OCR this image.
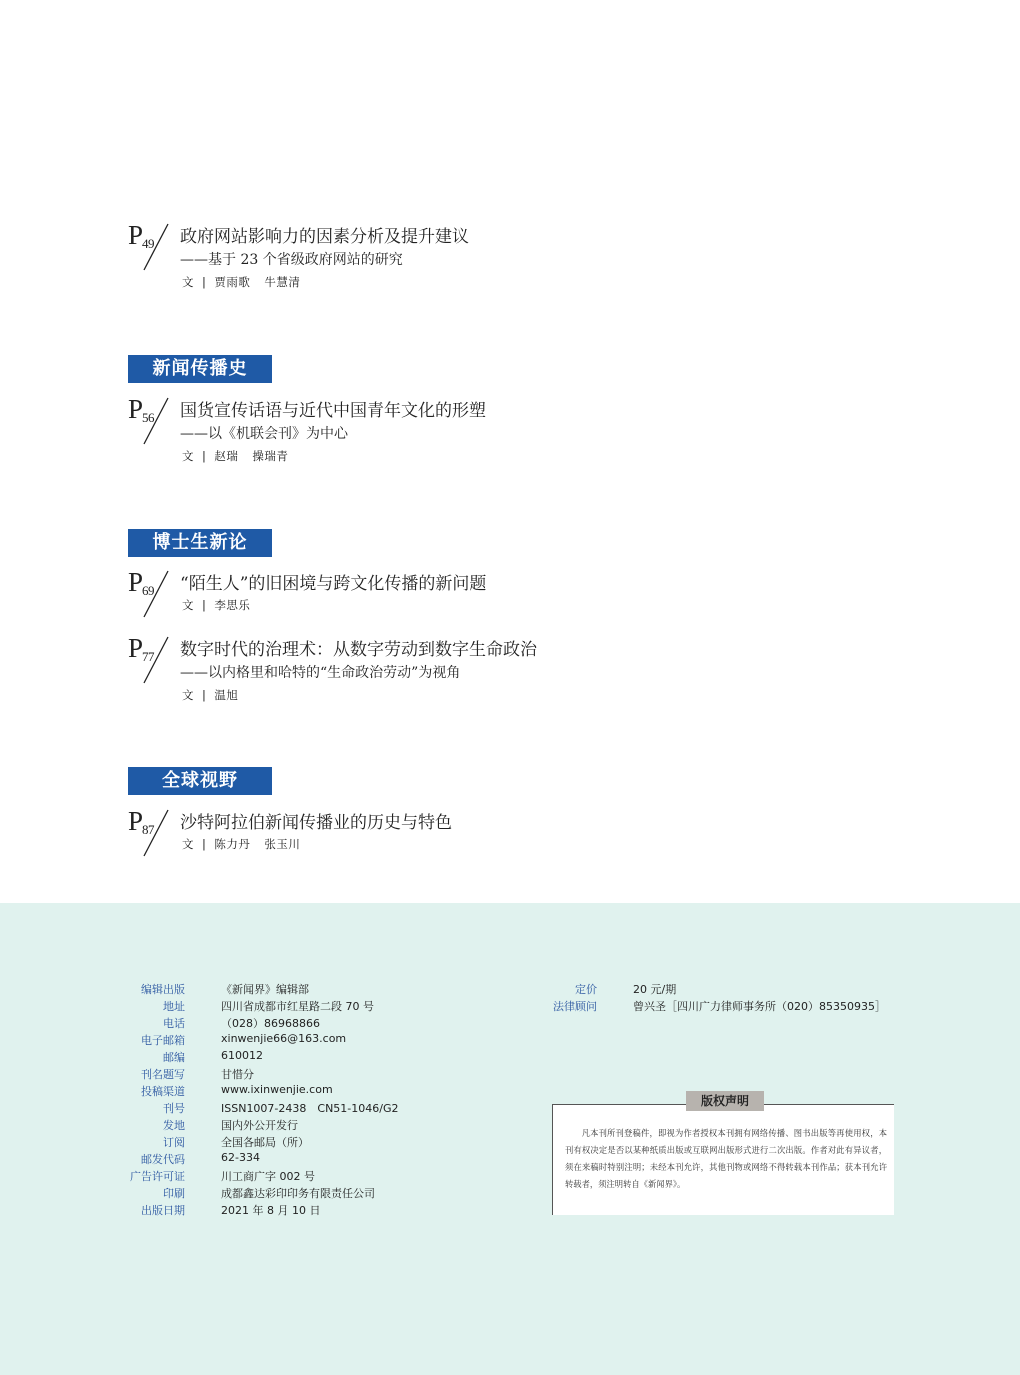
P
49 政府网站影响力的因素分析及提升建议
——基于 23 个省级政府网站的研究
文 | 贾雨歌 牛慧清
新闻传播史
P
56 国货宣传话语与近代中国青年文化的形塑
——以《机联会刊》为中心
文 | 赵瑞 操瑞青
博士生新论
P
69 “陌生人”的旧困境与跨文化传播的新问题
文 | 李思乐
P
77 数字时代的治理术：从数字劳动到数字生命政治
——以内格里和哈特的“生命政治劳动”为视角
文 | 温旭
全球视野
P
87 沙特阿拉伯新闻传播业的历史与特色
文 | 陈力丹 张玉川
编辑出版	《新闻界》编辑部
地址	四川省成都市红星路二段 70 号
电话	（028）86968866
电子邮箱	xinwenjie66@163.com
邮编	610012
刊名题写	甘惜分
投稿渠道	www.ixinwenjie.com
刊号	ISSN1007-2438　CN51-1046/G2
发地	国内外公开发行
订阅	全国各邮局（所）
邮发代码	62-334
广告许可证	川工商广字 002 号
印刷	成都鑫达彩印印务有限责任公司
出版日期	2021 年 8 月 10 日
定价	20 元/期
法律顾问	曾兴圣［四川广力律师事务所（020）85350935］
版权声明
凡本刊所刊登稿件，即视为作者授权本刊拥有网络传播、图书出版等再使用权，本刊有权决定是否以某种纸质出版或互联网出版形式进行二次出版。作者对此有异议者，须在来稿时特别注明；未经本刊允许，其他刊物或网络不得转载本刊作品；获本刊允许转载者，须注明转自《新闻界》。
